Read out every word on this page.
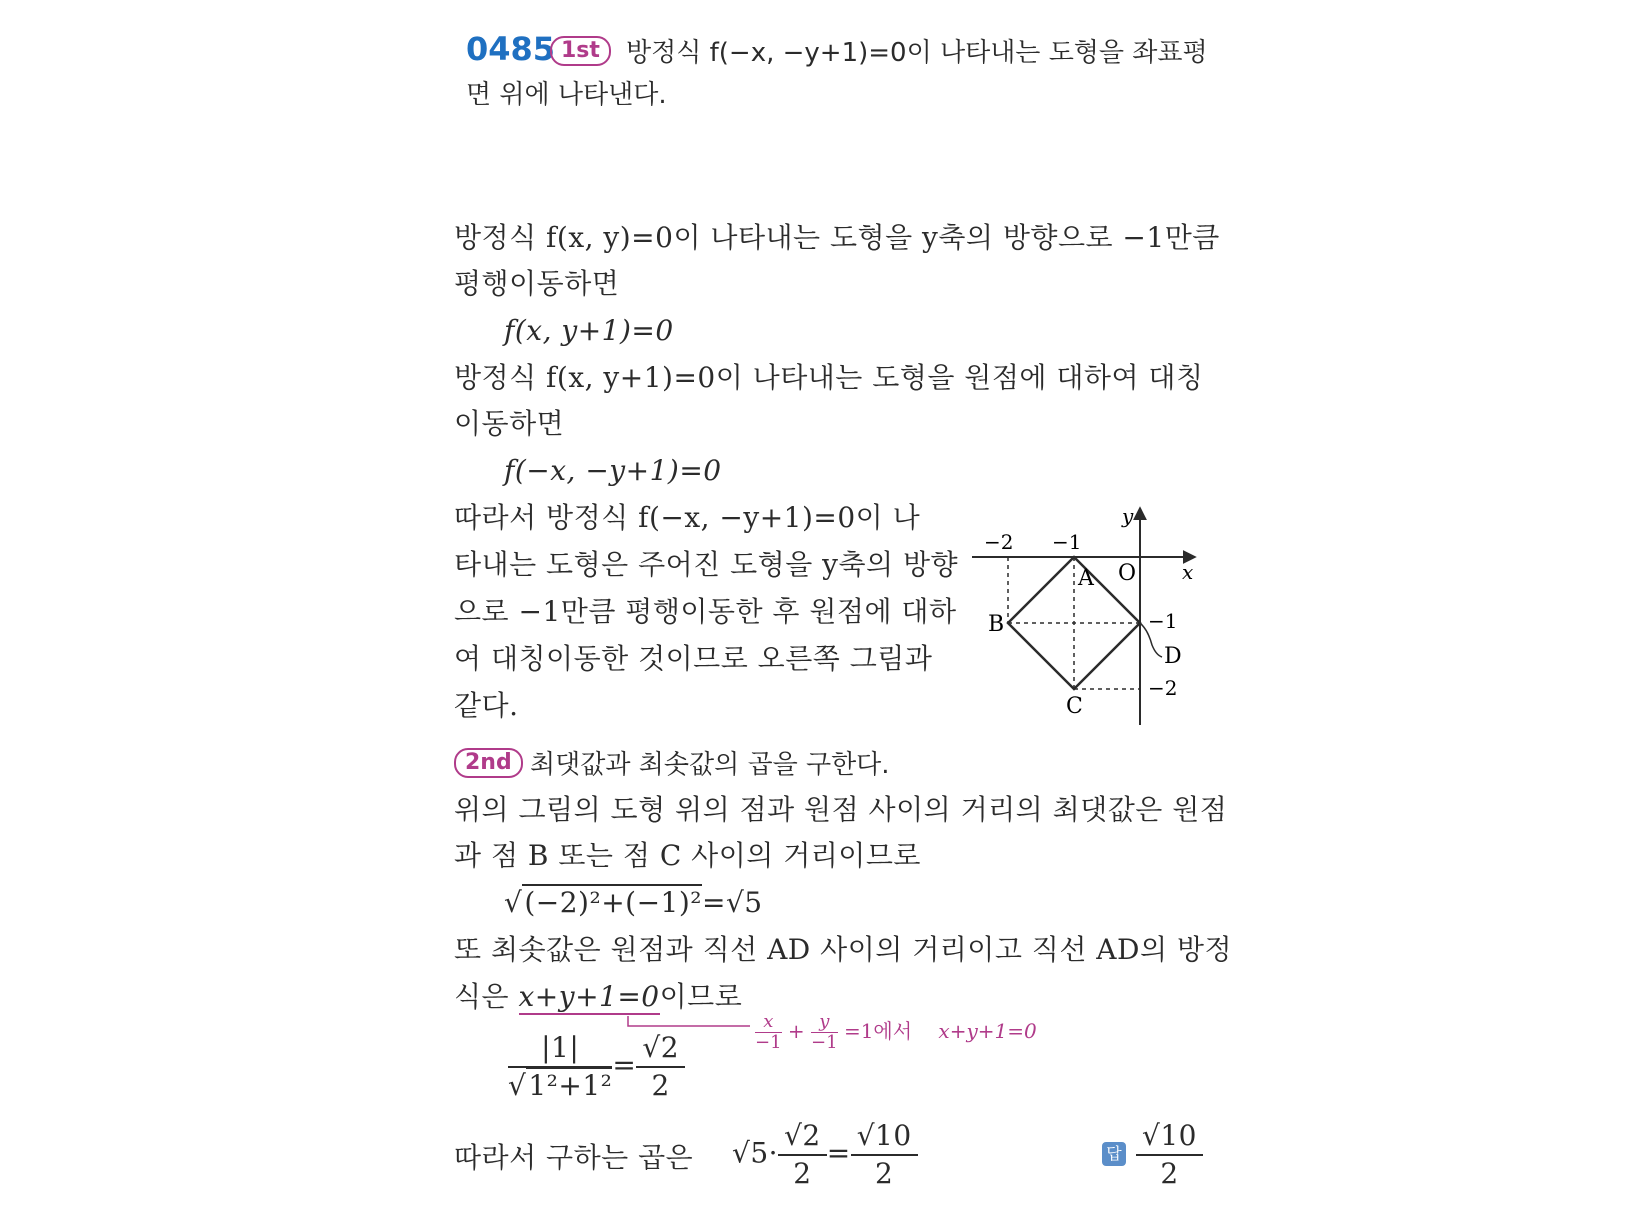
0485 1st	방정식 f(−x, −y+1)=0이 나타내는 도형을 좌표평
면 위에 나타낸다.
방정식 f(x, y)=0이 나타내는 도형을 y축의 방향으로 −1만큼
평행이동하면
f(x, y+1)=0
방정식 f(x, y+1)=0이 나타내는 도형을 원점에 대하여 대칭
이동하면
f(−x, −y+1)=0
따라서 방정식 f(−x, −y+1)=0이 나
타내는 도형은 주어진 도형을 y축의 방향
으로 −1만큼 평행이동한 후 원점에 대하
여 대칭이동한 것이므로 오른쪽 그림과
같다.
y
x
O
−2 −1
−1
−2
A
B
C
D
2nd 최댓값과 최솟값의 곱을 구한다.
위의 그림의 도형 위의 점과 원점 사이의 거리의 최댓값은 원점
과 점 B 또는 점 C 사이의 거리이므로
√(−2)²+(−1)²=√5
또 최솟값은 원점과 직선 AD 사이의 거리이고 직선 AD의 방정
식은 x+y+1=0이므로
$\frac{x}{-1} + \frac{y}{-1} =1$에서 x+y+1=0
$\frac{|1|}{\text{√1²+1²}} = \frac{√2}{2}$
따라서 구하는 곱은 $√5\cdot \frac{√2}{2} = \frac{√10}{2}$	답 $\frac{√10}{2}$
